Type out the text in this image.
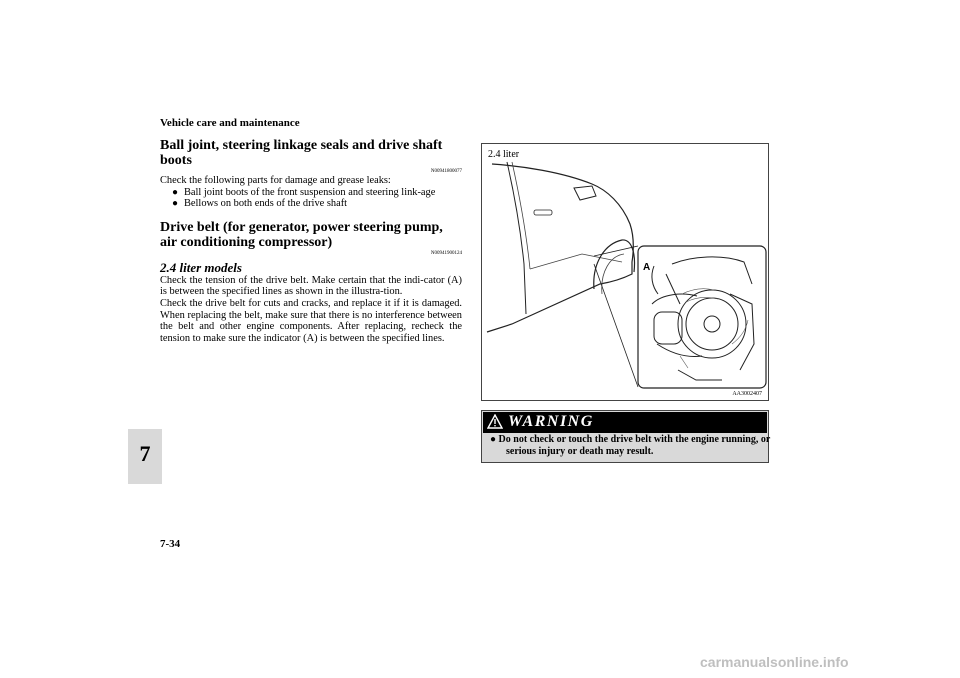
Vehicle care and maintenance
7
7-34
Ball joint, steering linkage seals and drive shaft boots
N00941800077

Check the following parts for damage and grease leaks:

● Ball joint boots of the front suspension and steering link-age
● Bellows on both ends of the drive shaft
Drive belt (for generator, power steering pump, air conditioning compressor)
N00941900124
2.4 liter models

Check the tension of the drive belt. Make certain that the indi-cator (A) is between the specified lines as shown in the illustra-tion.

Check the drive belt for cuts and cracks, and replace it if it is damaged. When replacing the belt, make sure that there is no interference between the belt and other engine components. After replacing, recheck the tension to make sure the indicator (A) is between the specified lines.

2.4 liter
A
AA3002407
WARNING
● Do not check or touch the drive belt with the engine running, or serious injury or death may result.
carmanualsonline.info
